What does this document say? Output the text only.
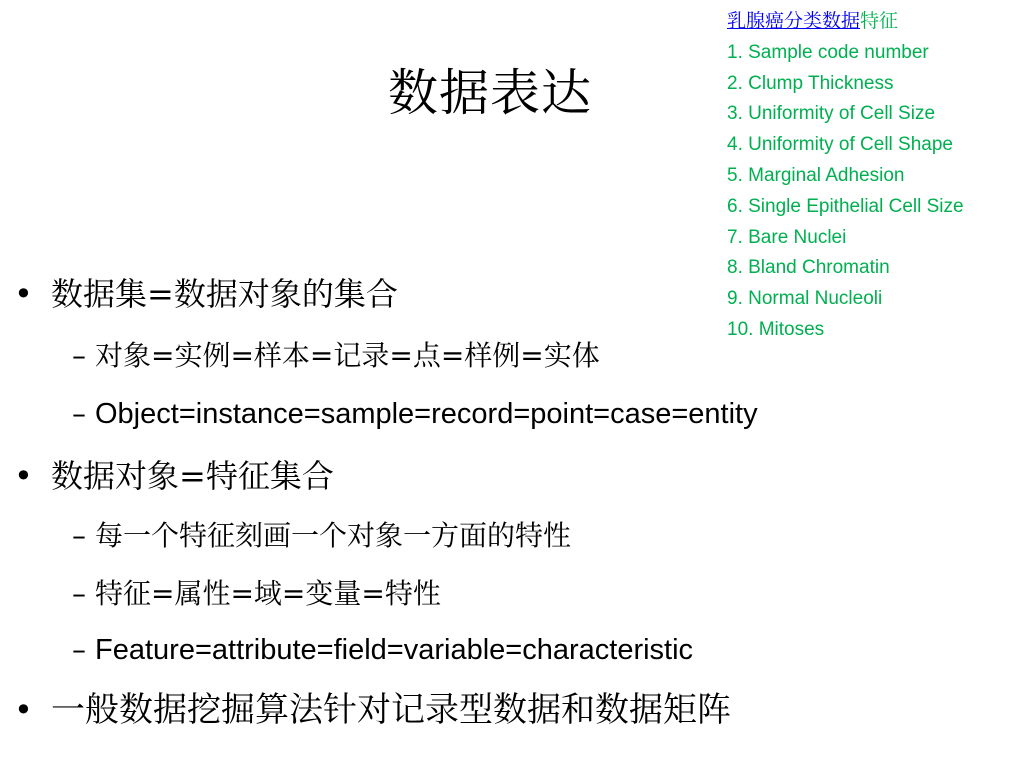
数据表达
乳腺癌分类数据特征
1. Sample code number
2. Clump Thickness
3. Uniformity of Cell Size
4. Uniformity of Cell Shape
5. Marginal Adhesion
6. Single Epithelial Cell Size
7. Bare Nuclei
8. Bland Chromatin
9. Normal Nucleoli
10. Mitoses
• 数据集=数据对象的集合
– 对象=实例=样本=记录=点=样例=实体
– Object=instance=sample=record=point=case=entity
• 数据对象=特征集合
– 每一个特征刻画一个对象一方面的特性
– 特征=属性=域=变量=特性
– Feature=attribute=field=variable=characteristic
• 一般数据挖掘算法针对记录型数据和数据矩阵
